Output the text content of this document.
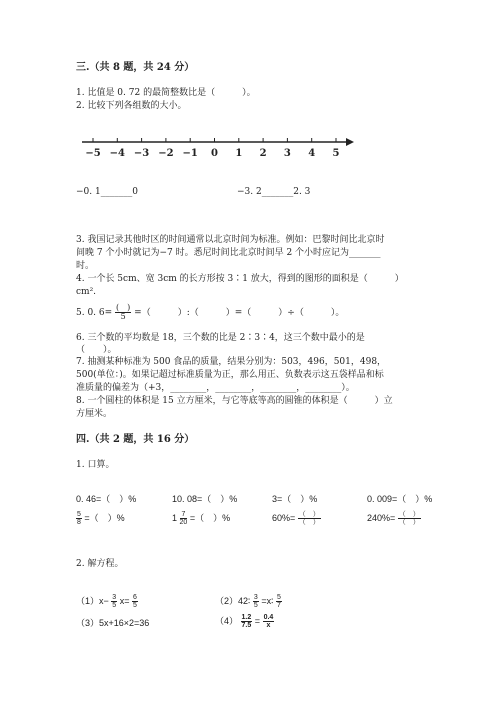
三.（共 8 题，共 24 分）
1. 比值是 0. 72 的最简整数比是（　　　）。
2. 比较下列各组数的大小。
−5 −4 −3 −2 −1 0 1 2 3 4 5
−0. 1_______0	−3. 2_______2. 3
3. 我国记录其他时区的时间通常以北京时间为标准。例如：巴黎时间比北京时
间晚 7 个小时就记为−7 时。悉尼时间比北京时间早 2 个小时应记为_______
时。
4. 一个长 5cm、宽 3cm 的长方形按 3∶1 放大，得到的图形的面积是（　　　）
cm².
5. 0. $6= \frac{( )}{5}$ =（　　　）:（　　　）=（　　　）÷（　　　）。
6. 三个数的平均数是 18，三个数的比是 2∶3∶4，这三个数中最小的是
（　　）。
7. 抽测某种标准为 500 食品的质量，结果分别为：503，496，501，498，
500(单位：)。如果记超过标准质量为正，那么用正、负数表示这五袋样品和标
准质量的偏差为（+3，________，________，________，________）。
8. 一个圆柱的体积是 15 立方厘米，与它等底等高的圆锥的体积是（　　　）立
方厘米。
四.（共 2 题，共 16 分）
1. 口算。
0. 46=（　）%	10. 08=（　）%	3=（　）%	0. 009=（　）%
$\frac{5}{8}$ =（　）%	$1 \frac{7}{20}$ =（　）%	$60\%= \frac{( )}{( )}$	$240\%= \frac{( )}{( )}$
2. 解方程。
$(1)x- \frac{3}{5} x= \frac{6}{5}$	（2）42∶ $\frac{3}{5}$ =x∶ $\frac{5}{7}$
（3）5x+16×2=36	$(4) \frac{1.2}{7.5} = \frac{0.4}{x}$
